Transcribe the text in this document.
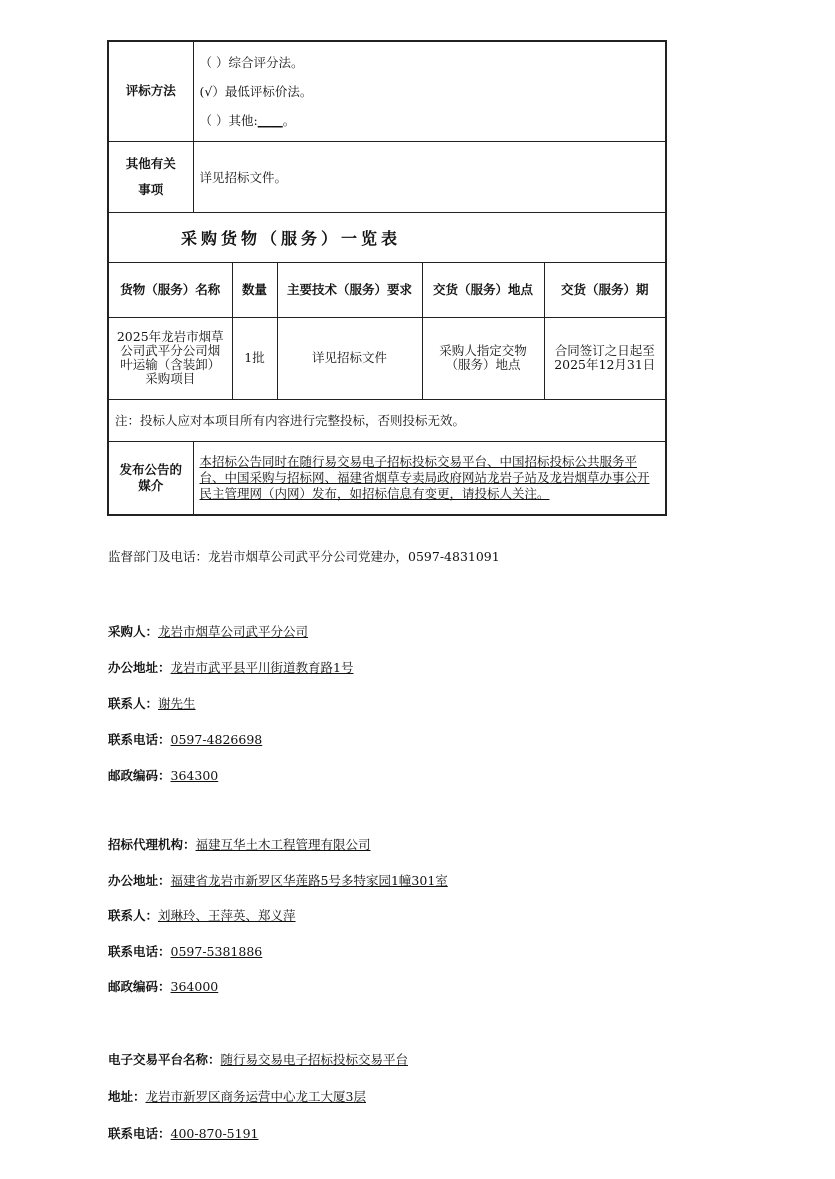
评标方法	（ ）综合评分法。
(√）最低评标价法。
（ ）其他:____。				

其他有关
事项	详见招标文件。				
采购货物（服务）一览表					
货物（服务）名称		数量	主要技术（服务）要求	交货（服务）地点	交货（服务）期
2025年龙岩市烟草公司武平分公司烟叶运输（含装卸）采购项目		1批	详见招标文件	采购人指定交物（服务）地点	合同签订之日起至2025年12月31日
注：投标人应对本项目所有内容进行完整投标，否则投标无效。					
发布公告的媒介	本招标公告同时在随行易交易电子招标投标交易平台、中国招标投标公共服务平台、中国采购与招标网、福建省烟草专卖局政府网站龙岩子站及龙岩烟草办事公开民主管理网（内网）发布，如招标信息有变更，请投标人关注。				
监督部门及电话：龙岩市烟草公司武平分公司党建办，0597-4831091
采购人：龙岩市烟草公司武平分公司
办公地址：龙岩市武平县平川街道教育路1号
联系人：谢先生
联系电话：0597-4826698
邮政编码：364300
招标代理机构：福建互华土木工程管理有限公司
办公地址：福建省龙岩市新罗区华莲路5号多特家园1幢301室
联系人：刘琳玲、王萍英、郑义萍
联系电话：0597-5381886
邮政编码：364000
电子交易平台名称：随行易交易电子招标投标交易平台
地址：龙岩市新罗区商务运营中心龙工大厦3层
联系电话：400-870-5191
